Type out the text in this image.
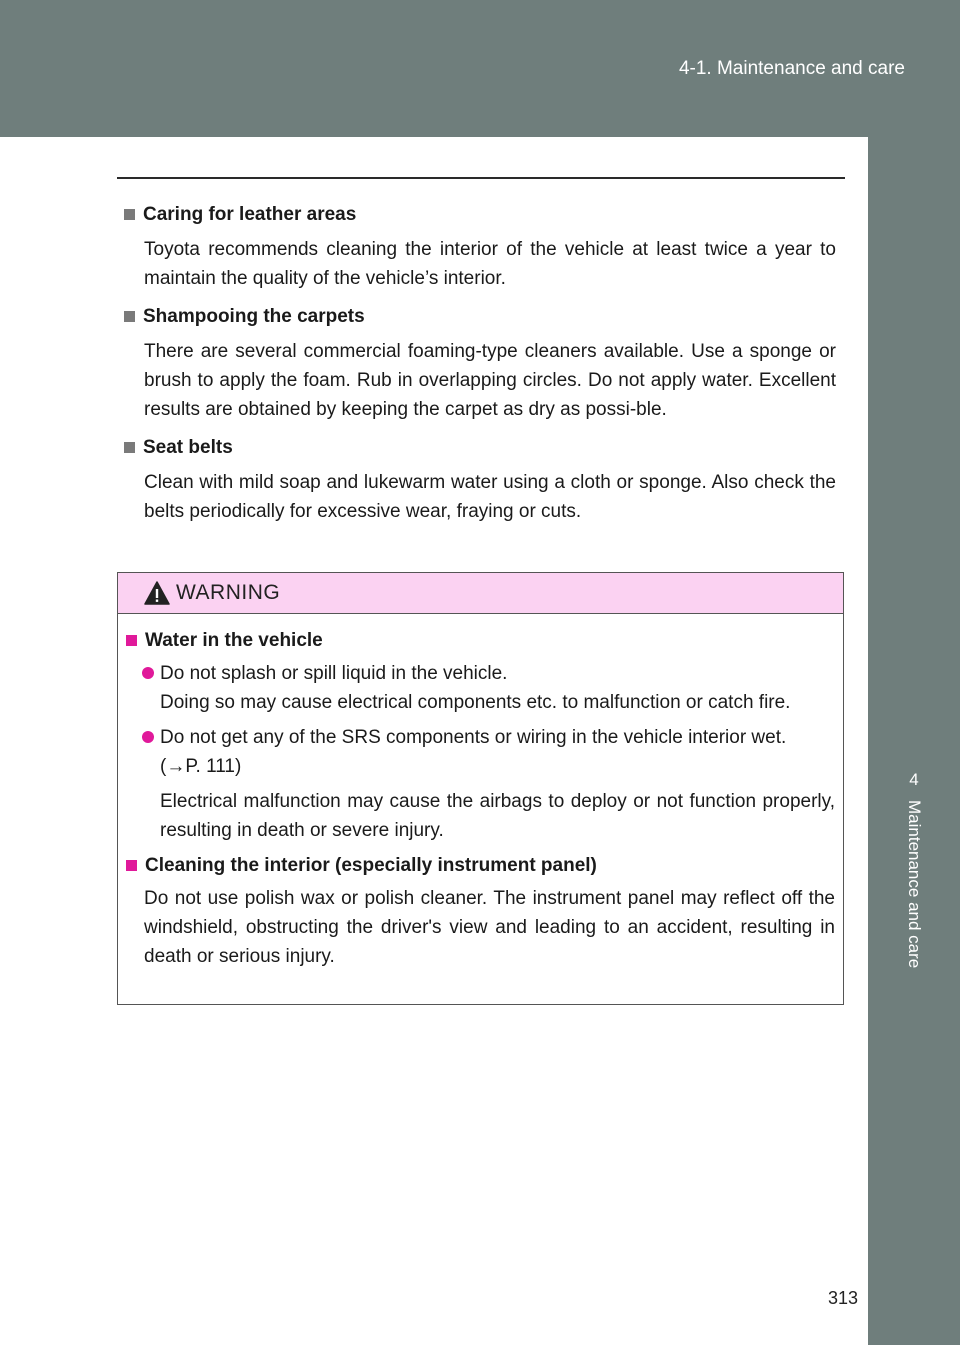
4-1. Maintenance and care
4
Maintenance and care
Caring for leather areas
Toyota recommends cleaning the interior of the vehicle at least twice a year to maintain the quality of the vehicle’s interior.
Shampooing the carpets
There are several commercial foaming-type cleaners available. Use a sponge or brush to apply the foam. Rub in overlapping circles. Do not apply water. Excellent results are obtained by keeping the carpet as dry as possi-ble.
Seat belts
Clean with mild soap and lukewarm water using a cloth or sponge. Also check the belts periodically for excessive wear, fraying or cuts.
WARNING
Water in the vehicle
Do not splash or spill liquid in the vehicle.
Doing so may cause electrical components etc. to malfunction or catch fire.
Do not get any of the SRS components or wiring in the vehicle interior wet.
(→P. 111)
Electrical malfunction may cause the airbags to deploy or not function properly, resulting in death or severe injury.
Cleaning the interior (especially instrument panel)
Do not use polish wax or polish cleaner. The instrument panel may reflect off the windshield, obstructing the driver's view and leading to an accident, resulting in death or serious injury.
313
